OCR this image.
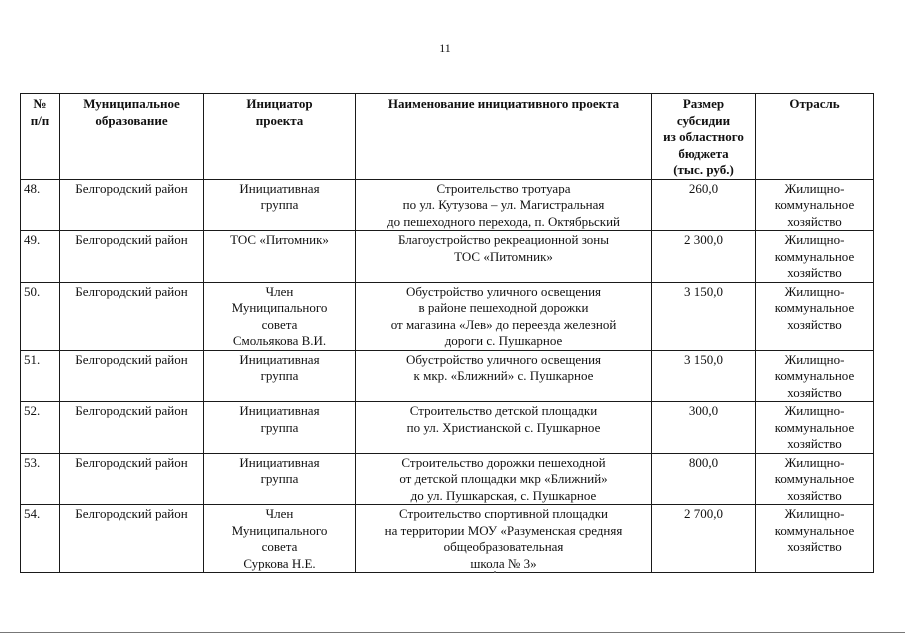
11
№
п/п	Муниципальное
образование	Инициатор
проекта	Наименование инициативного проекта	Размер
субсидии
из областного
бюджета
(тыс. руб.)	Отрасль

48.	Белгородский район	Инициативная
группа	Строительство тротуара
по ул. Кутузова – ул. Магистральная
до пешеходного перехода, п. Октябрьский	260,0	Жилищно-
коммунальное
хозяйство

49.	Белгородский район	ТОС «Питомник»	Благоустройство рекреационной зоны
ТОС «Питомник»	2 300,0	Жилищно-
коммунальное
хозяйство

50.	Белгородский район	Член
Муниципального
совета
Смольякова В.И.	Обустройство уличного освещения
в районе пешеходной дорожки
от магазина «Лев» до переезда железной
дороги с. Пушкарное	3 150,0	Жилищно-
коммунальное
хозяйство

51.	Белгородский район	Инициативная
группа	Обустройство уличного освещения
к мкр. «Ближний» с. Пушкарное	3 150,0	Жилищно-
коммунальное
хозяйство

52.	Белгородский район	Инициативная
группа	Строительство детской площадки
по ул. Христианской с. Пушкарное	300,0	Жилищно-
коммунальное
хозяйство

53.	Белгородский район	Инициативная
группа	Строительство дорожки пешеходной
от детской площадки мкр «Ближний»
до ул. Пушкарская, с. Пушкарное	800,0	Жилищно-
коммунальное
хозяйство

54.	Белгородский район	Член
Муниципального
совета
Суркова Н.Е.	Строительство спортивной площадки
на территории МОУ «Разуменская средняя
общеобразовательная
школа № 3»	2 700,0	Жилищно-
коммунальное
хозяйство
